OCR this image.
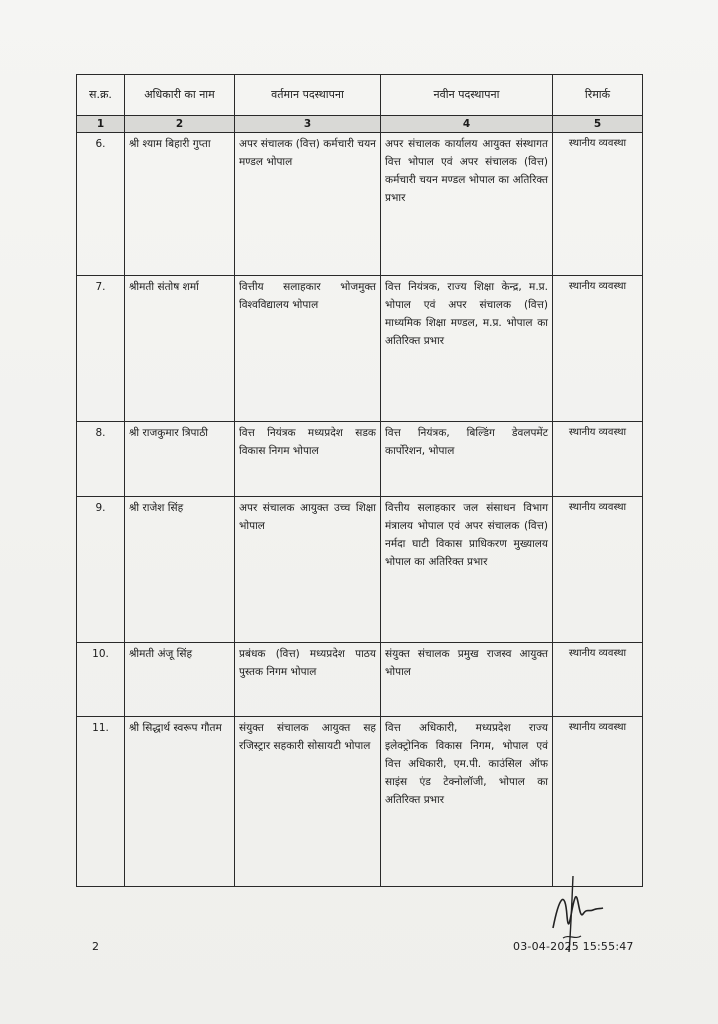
स.क्र.	अधिकारी का नाम	वर्तमान पदस्थापना	नवीन पदस्थापना	रिमार्क
1	2	3	4	5
6.	श्री श्याम बिहारी गुप्ता	अपर संचालक (वित्त) कर्मचारी चयन मण्डल भोपाल	अपर संचालक कार्यालय आयुक्त संस्थागत वित्त भोपाल एवं अपर संचालक (वित्त) कर्मचारी चयन मण्डल भोपाल का अतिरिक्त प्रभार	स्थानीय व्यवस्था
7.	श्रीमती संतोष शर्मा	वित्तीय सलाहकार भोजमुक्त विश्वविद्यालय भोपाल	वित्त नियंत्रक, राज्य शिक्षा केन्द्र, म.प्र. भोपाल एवं अपर संचालक (वित्त) माध्यमिक शिक्षा मण्डल, म.प्र. भोपाल का अतिरिक्त प्रभार	स्थानीय व्यवस्था
8.	श्री राजकुमार त्रिपाठी	वित्त नियंत्रक मध्यप्रदेश सडक विकास निगम भोपाल	वित्त नियंत्रक, बिल्डिंग डेवलपमेंट कार्पोरेशन, भोपाल	स्थानीय व्यवस्था
9.	श्री राजेश सिंह	अपर संचालक आयुक्त उच्च शिक्षा भोपाल	वित्तीय सलाहकार जल संसाधन विभाग मंत्रालय भोपाल एवं अपर संचालक (वित्त) नर्मदा घाटी विकास प्राधिकरण मुख्यालय भोपाल का अतिरिक्त प्रभार	स्थानीय व्यवस्था
10.	श्रीमती अंजू सिंह	प्रबंधक (वित्त) मध्यप्रदेश पाठय पुस्तक निगम भोपाल	संयुक्त संचालक प्रमुख राजस्व आयुक्त भोपाल	स्थानीय व्यवस्था
11.	श्री सिद्धार्थ स्वरूप गौतम	संयुक्त संचालक आयुक्त सह रजिस्ट्रार सहकारी सोसायटी भोपाल	वित्त अधिकारी, मध्यप्रदेश राज्य इलेक्ट्रोनिक विकास निगम, भोपाल एवं वित्त अधिकारी, एम.पी. काउंसिल ऑफ साइंस एंड टेक्नोलॉजी, भोपाल का अतिरिक्त प्रभार	स्थानीय व्यवस्था
2	03-04-2025 15:55:47
